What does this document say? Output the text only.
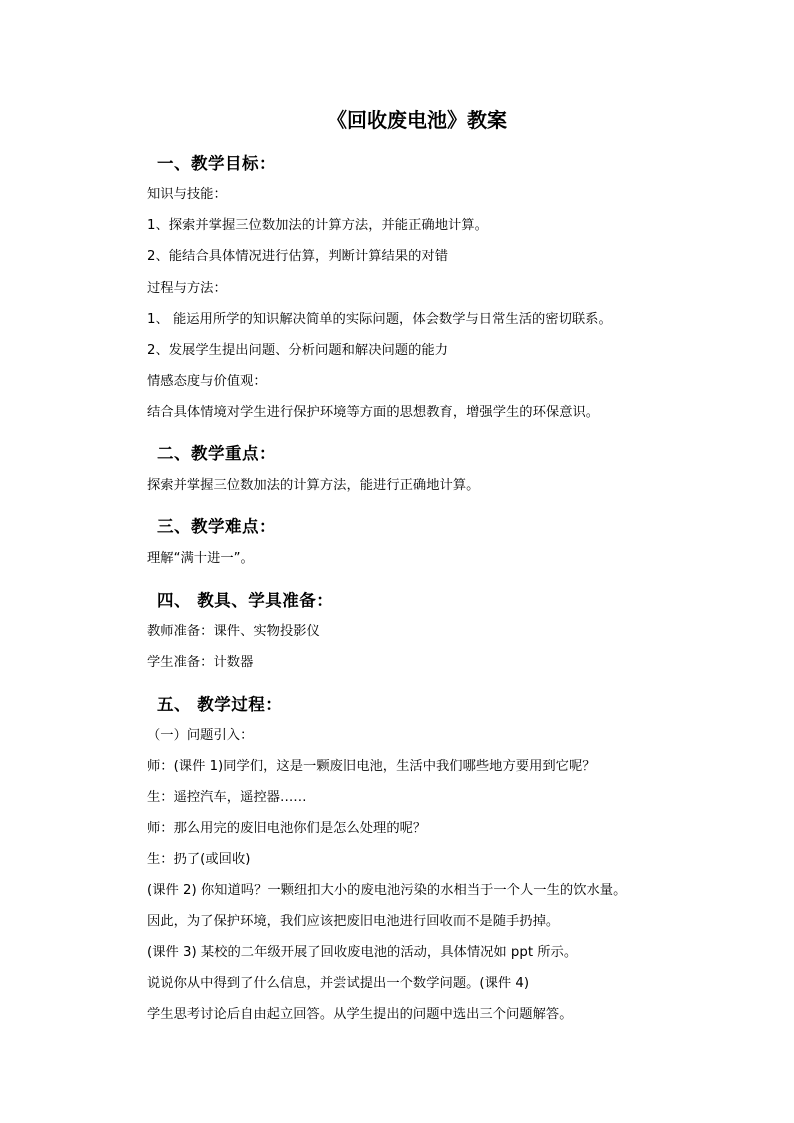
《回收废电池》教案
一、教学目标：
知识与技能：
1、探索并掌握三位数加法的计算方法，并能正确地计算。
2、能结合具体情况进行估算，判断计算结果的对错
过程与方法：
1、 能运用所学的知识解决简单的实际问题，体会数学与日常生活的密切联系。
2、发展学生提出问题、分析问题和解决问题的能力
情感态度与价值观：
结合具体情境对学生进行保护环境等方面的思想教育，增强学生的环保意识。
二、教学重点：
探索并掌握三位数加法的计算方法，能进行正确地计算。
三、教学难点：
理解“满十进一”。
四、 教具、学具准备：
教师准备：课件、实物投影仪
学生准备：计数器
五、 教学过程：
（一）问题引入：
师：(课件 1)同学们，这是一颗废旧电池，生活中我们哪些地方要用到它呢？
生：遥控汽车，遥控器……
师：那么用完的废旧电池你们是怎么处理的呢？
生：扔了(或回收)
(课件 2) 你知道吗？一颗纽扣大小的废电池污染的水相当于一个人一生的饮水量。
因此，为了保护环境，我们应该把废旧电池进行回收而不是随手扔掉。
(课件 3) 某校的二年级开展了回收废电池的活动，具体情况如 ppt 所示。
说说你从中得到了什么信息，并尝试提出一个数学问题。(课件 4)
学生思考讨论后自由起立回答。从学生提出的问题中选出三个问题解答。
